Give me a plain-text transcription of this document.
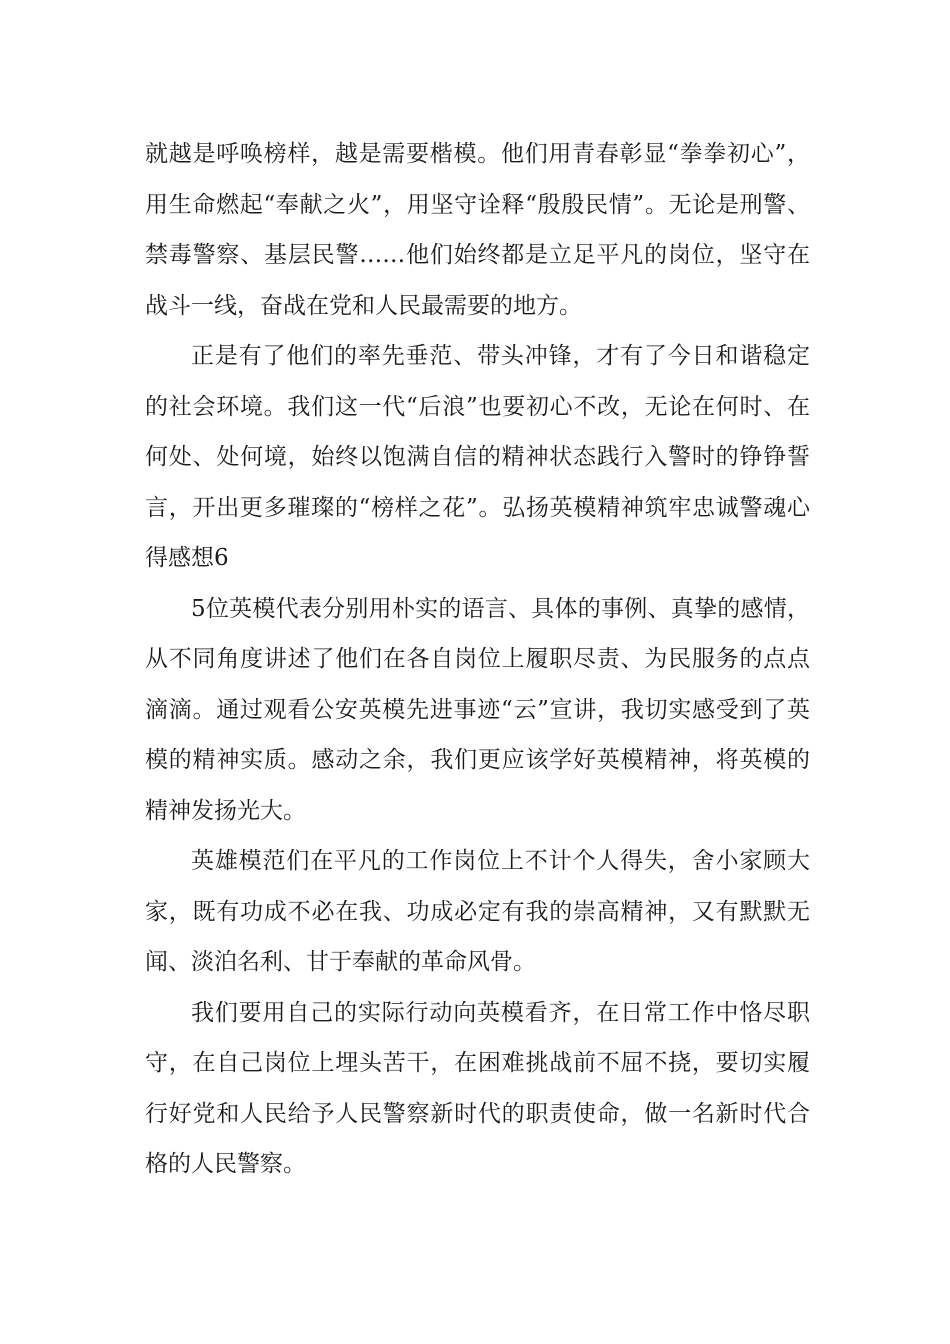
就越是呼唤榜样，越是需要楷模。他们用青春彰显“拳拳初心”，用生命燃起“奉献之火”，用坚守诠释“殷殷民情”。无论是刑警、禁毒警察、基层民警……他们始终都是立足平凡的岗位，坚守在战斗一线，奋战在党和人民最需要的地方。

正是有了他们的率先垂范、带头冲锋，才有了今日和谐稳定的社会环境。我们这一代“后浪”也要初心不改，无论在何时、在何处、处何境，始终以饱满自信的精神状态践行入警时的铮铮誓言，开出更多璀璨的“榜样之花”。弘扬英模精神筑牢忠诚警魂心得感想6

5位英模代表分别用朴实的语言、具体的事例、真挚的感情，从不同角度讲述了他们在各自岗位上履职尽责、为民服务的点点滴滴。通过观看公安英模先进事迹“云”宣讲，我切实感受到了英模的精神实质。感动之余，我们更应该学好英模精神，将英模的精神发扬光大。

英雄模范们在平凡的工作岗位上不计个人得失，舍小家顾大家，既有功成不必在我、功成必定有我的崇高精神，又有默默无闻、淡泊名利、甘于奉献的革命风骨。

我们要用自己的实际行动向英模看齐，在日常工作中恪尽职守，在自己岗位上埋头苦干，在困难挑战前不屈不挠，要切实履行好党和人民给予人民警察新时代的职责使命，做一名新时代合格的人民警察。
